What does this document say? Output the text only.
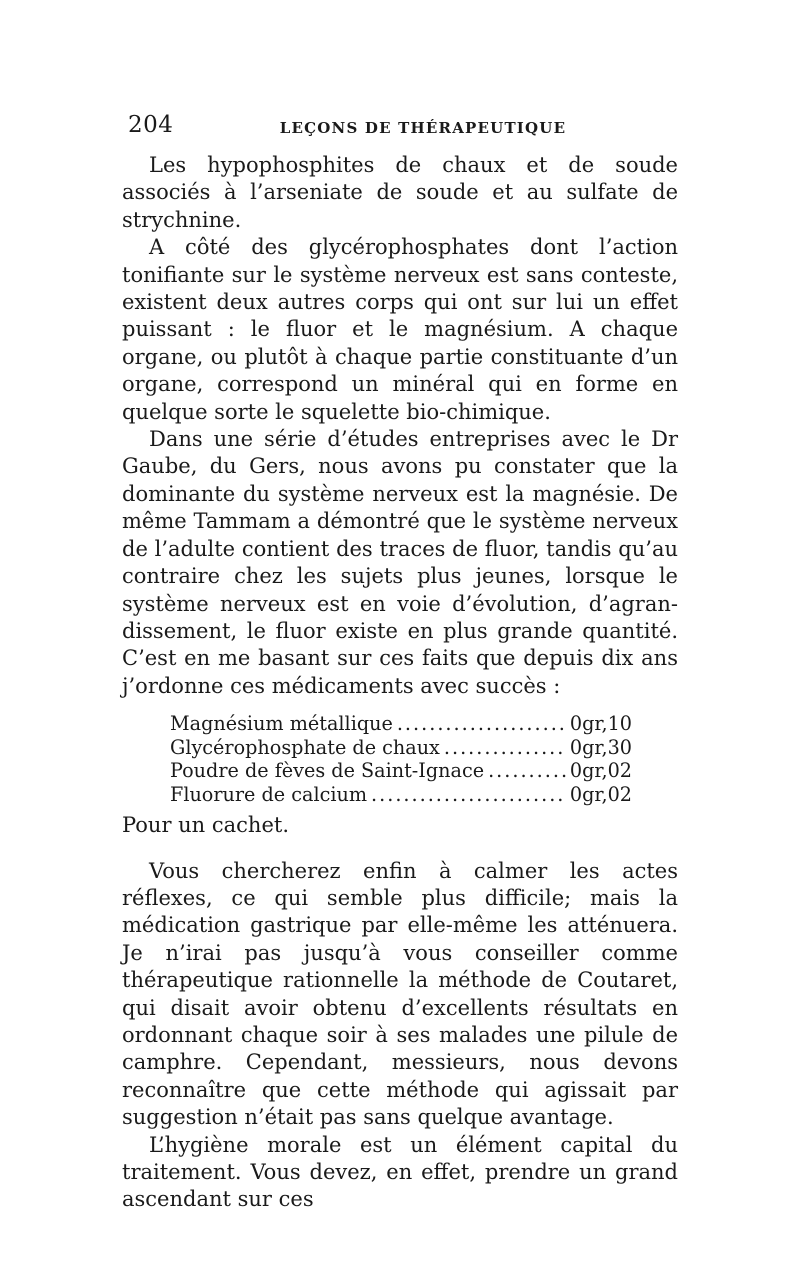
204	LEÇONS DE THÉRAPEUTIQUE

Les hypophosphites de chaux et de soude associés à l’arseniate de soude et au sulfate de strychnine.

A côté des glycérophosphates dont l’action tonifiante sur le système nerveux est sans conteste, existent deux autres corps qui ont sur lui un effet puissant : le fluor et le magnésium. A chaque organe, ou plutôt à chaque partie constituante d’un organe, correspond un minéral qui en forme en quelque sorte le squelette bio-chimique.

Dans une série d’études entreprises avec le Dr Gaube, du Gers, nous avons pu constater que la dominante du système nerveux est la magnésie. De même Tammam a démontré que le système nerveux de l’adulte contient des traces de fluor, tandis qu’au contraire chez les sujets plus jeunes, lorsque le système nerveux est en voie d’évolution, d’agrandissement, le fluor existe en plus grande quantité. C’est en me basant sur ces faits que depuis dix ans j’ordonne ces médicaments avec succès :

Magnésium métallique .....	0gr,10
Glycérophosphate de chaux .....	0gr,30
Poudre de fèves de Saint-Ignace .....	0gr,02
Fluorure de calcium .....	0gr,02

Pour un cachet.

Vous chercherez enfin à calmer les actes réflexes, ce qui semble plus difficile; mais la médication gastrique par elle-même les atténuera. Je n’irai pas jusqu’à vous conseiller comme thérapeutique rationnelle la méthode de Coutaret, qui disait avoir obtenu d’excellents résultats en ordonnant chaque soir à ses malades une pilule de camphre. Cependant, messieurs, nous devons reconnaître que cette méthode qui agissait par suggestion n’était pas sans quelque avantage.

L’hygiène morale est un élément capital du traitement. Vous devez, en effet, prendre un grand ascendant sur ces
